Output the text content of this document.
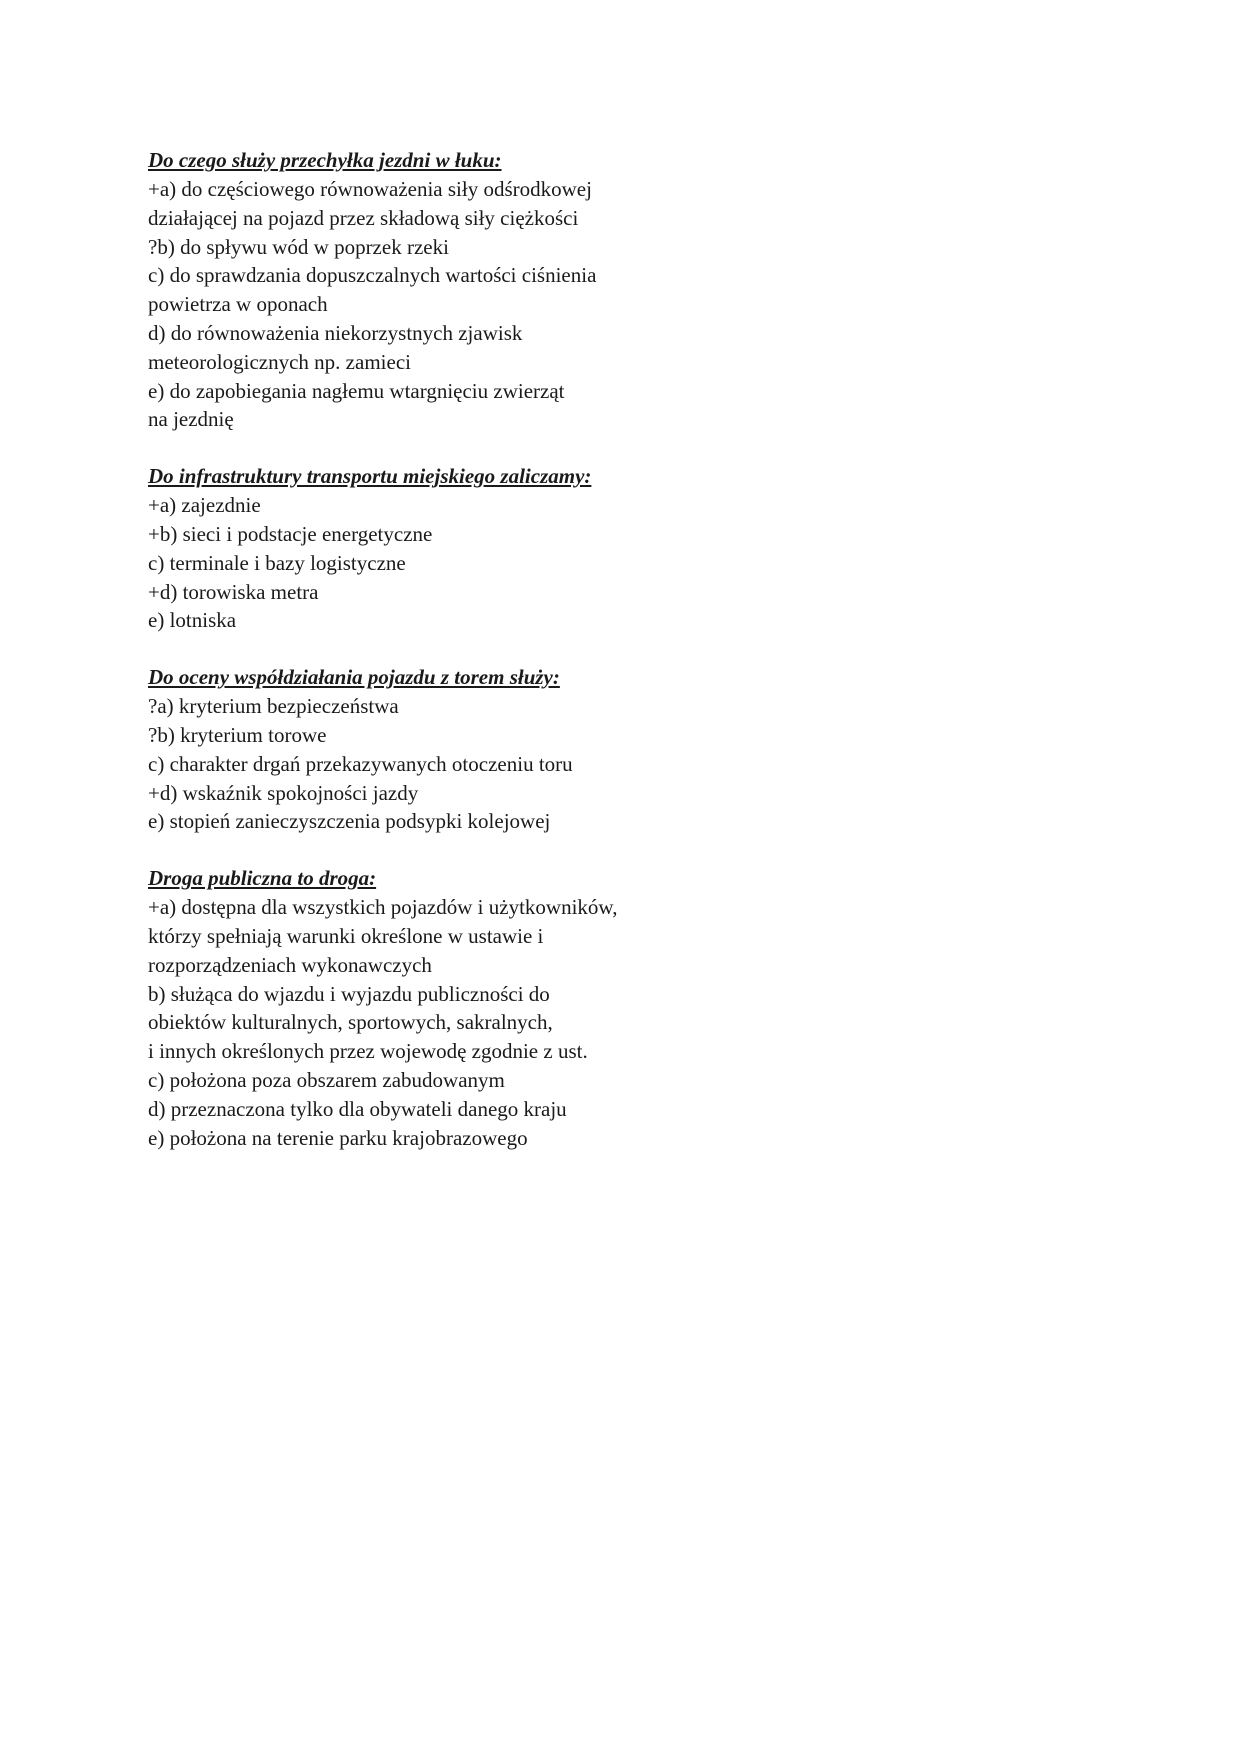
Do czego służy przechyłka jezdni w łuku:

+a) do częściowego równoważenia siły odśrodkowej

działającej na pojazd przez składową siły ciężkości

?b) do spływu wód w poprzek rzeki

c) do sprawdzania dopuszczalnych wartości ciśnienia

powietrza w oponach

d) do równoważenia niekorzystnych zjawisk

meteorologicznych np. zamieci

e) do zapobiegania nagłemu wtargnięciu zwierząt

na jezdnię

Do infrastruktury transportu miejskiego zaliczamy:

+a) zajezdnie

+b) sieci i podstacje energetyczne

c) terminale i bazy logistyczne

+d) torowiska metra

e) lotniska

Do oceny współdziałania pojazdu z torem służy:

?a) kryterium bezpieczeństwa

?b) kryterium torowe

c) charakter drgań przekazywanych otoczeniu toru

+d) wskaźnik spokojności jazdy

e) stopień zanieczyszczenia podsypki kolejowej

Droga publiczna to droga:

+a) dostępna dla wszystkich pojazdów i użytkowników,

którzy spełniają warunki określone w ustawie i

rozporządzeniach wykonawczych

b) służąca do wjazdu i wyjazdu publiczności do

obiektów kulturalnych, sportowych, sakralnych,

i innych określonych przez wojewodę zgodnie z ust.

c) położona poza obszarem zabudowanym

d) przeznaczona tylko dla obywateli danego kraju

e) położona na terenie parku krajobrazowego
